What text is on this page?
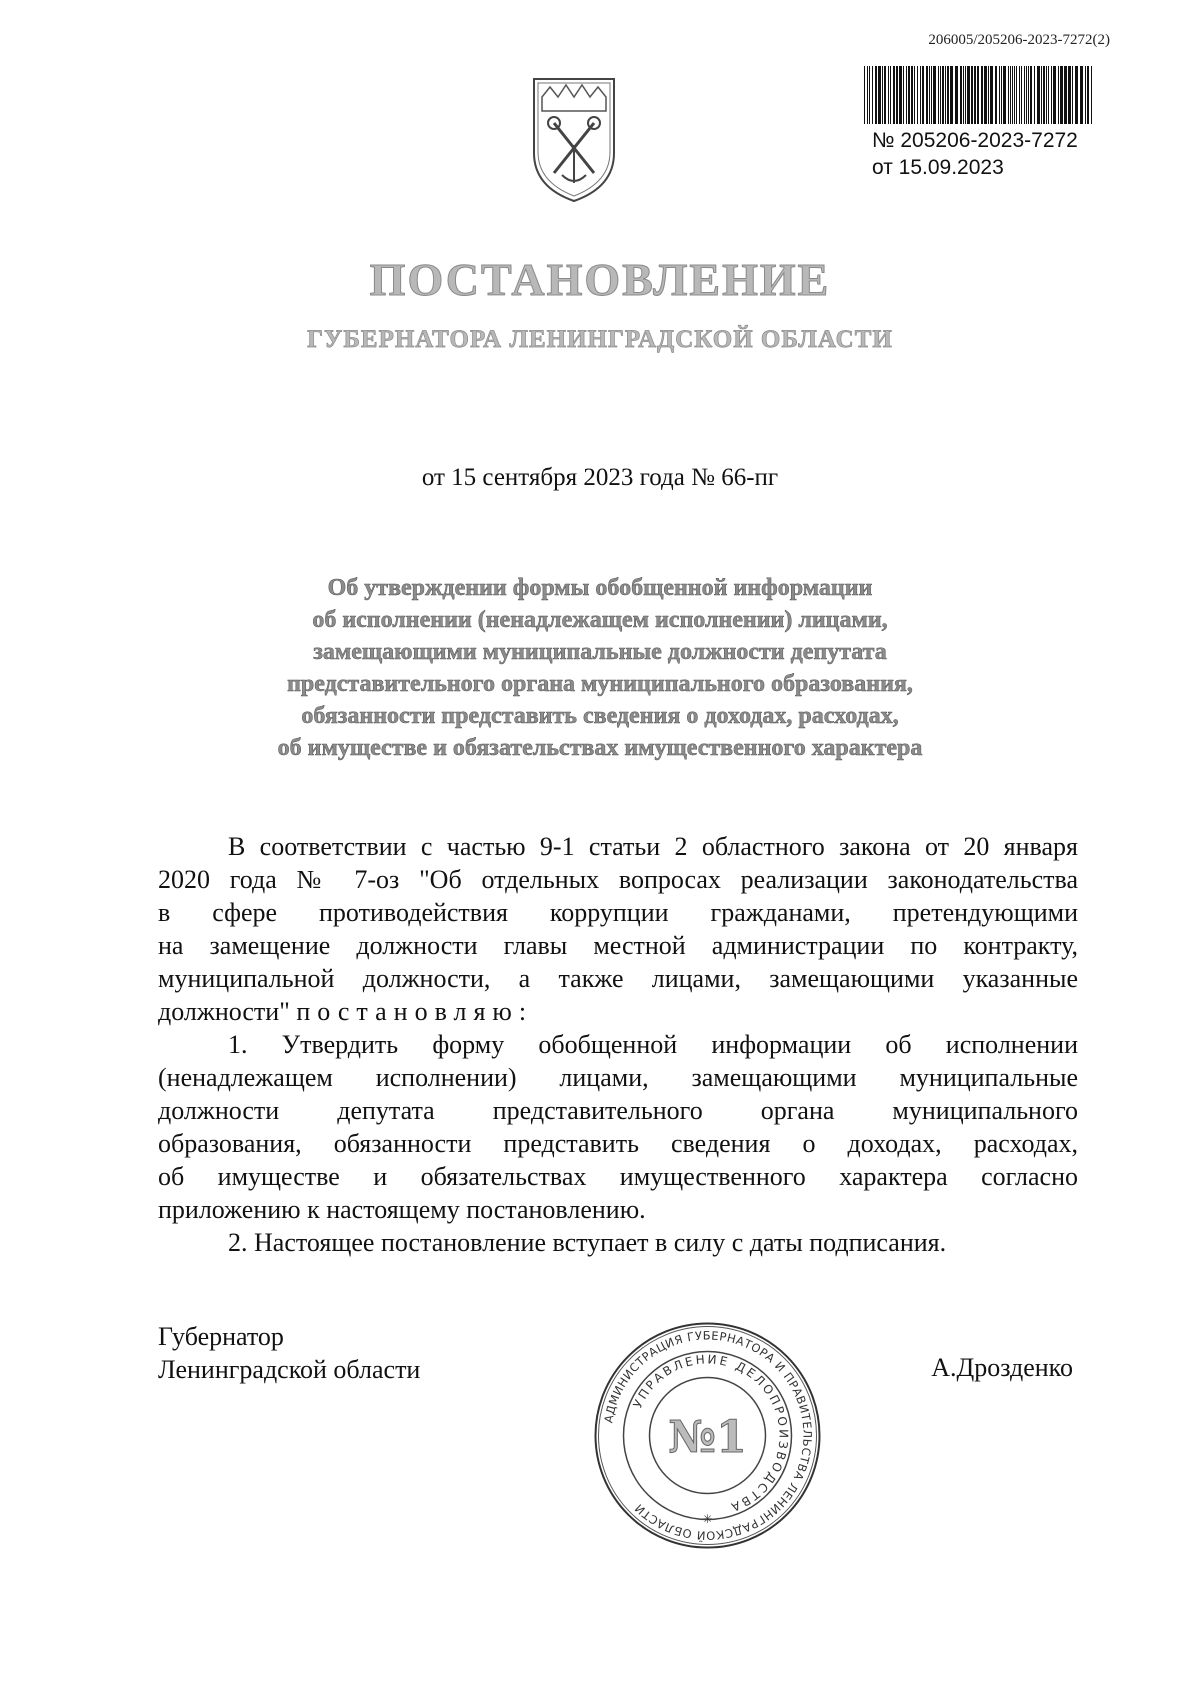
206005/205206-2023-7272(2)
№ 205206-2023-7272
от 15.09.2023
ПОСТАНОВЛЕНИЕ
ГУБЕРНАТОРА ЛЕНИНГРАДСКОЙ ОБЛАСТИ
от 15 сентября 2023 года № 66-пг
Об утверждении формы обобщенной информации
об исполнении (ненадлежащем исполнении) лицами,
замещающими муниципальные должности депутата
представительного органа муниципального образования,
обязанности представить сведения о доходах, расходах,
об имуществе и обязательствах имущественного характера

В соответствии с частью 9-1 статьи 2 областного закона от 20 января
2020 года № 7-оз "Об отдельных вопросах реализации законодательства
в сфере противодействия коррупции гражданами, претендующими
на замещение должности главы местной администрации по контракту,
муниципальной должности, а также лицами, замещающими указанные
должности" постановляю:

1. Утвердить форму обобщенной информации об исполнении
(ненадлежащем исполнении) лицами, замещающими муниципальные
должности депутата представительного органа муниципального
образования, обязанности представить сведения о доходах, расходах,
об имуществе и обязательствах имущественного характера согласно
приложению к настоящему постановлению.

2. Настоящее постановление вступает в силу с даты подписания.

Губернатор
Ленинградской области	А.Дрозденко
АДМИНИСТРАЦИЯ ГУБЕРНАТОРА И ПРАВИТЕЛЬСТВА ЛЕНИНГРАДСКОЙ ОБЛАСТИ
УПРАВЛЕНИЕ ДЕЛОПРОИЗВОДСТВА
№1
✳
